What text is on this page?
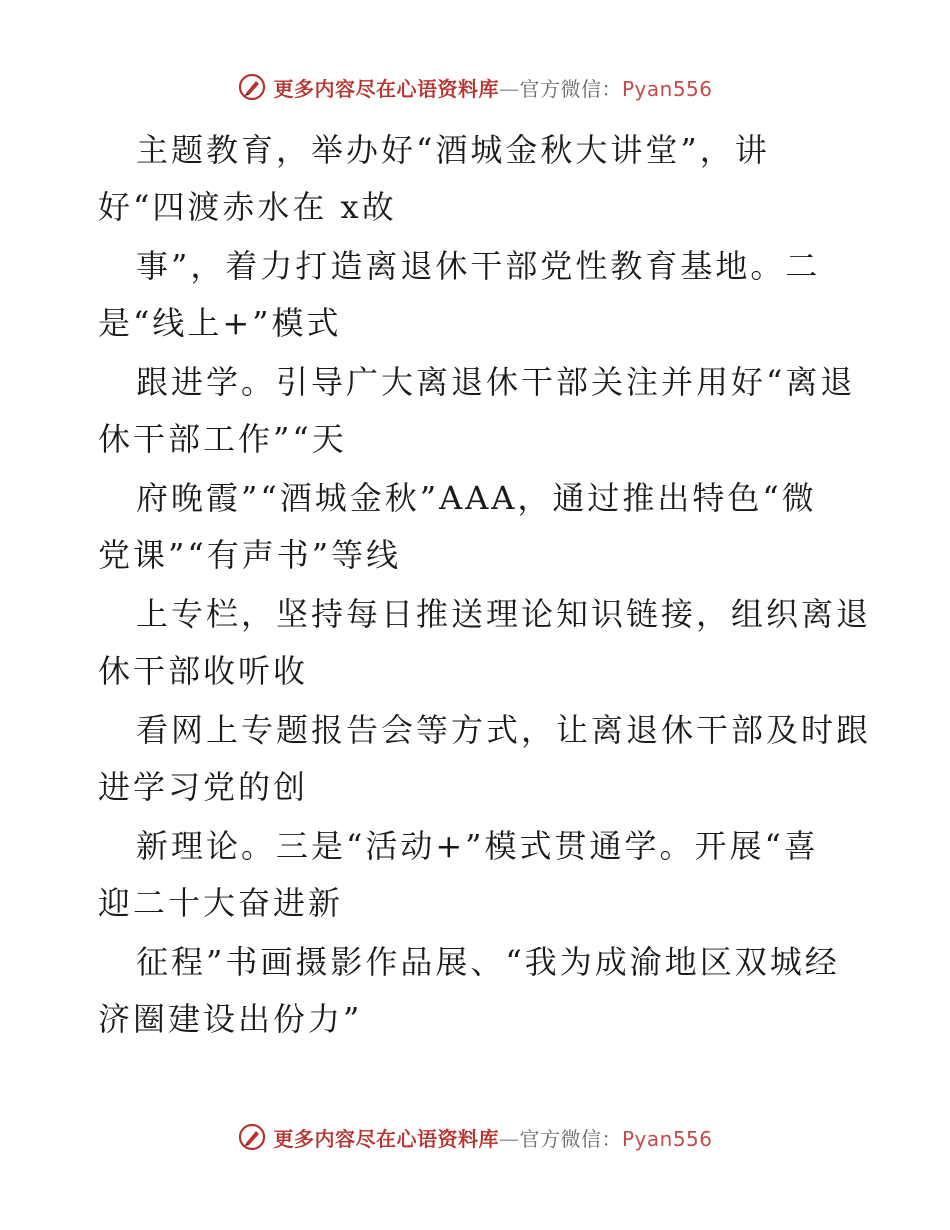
更多内容尽在心语资料库—官方微信：Pyan556
主题教育，举办好“酒城金秋大讲堂”，讲
好“四渡赤水在 x故
事”，着力打造离退休干部党性教育基地。二
是“线上+”模式
跟进学。引导广大离退休干部关注并用好“离退
休干部工作”“天
府晚霞”“酒城金秋”AAA，通过推出特色“微
党课”“有声书”等线
上专栏，坚持每日推送理论知识链接，组织离退
休干部收听收
看网上专题报告会等方式，让离退休干部及时跟
进学习党的创
新理论。三是“活动+”模式贯通学。开展“喜
迎二十大奋进新
征程”书画摄影作品展、“我为成渝地区双城经
济圈建设出份力”
更多内容尽在心语资料库—官方微信：Pyan556
